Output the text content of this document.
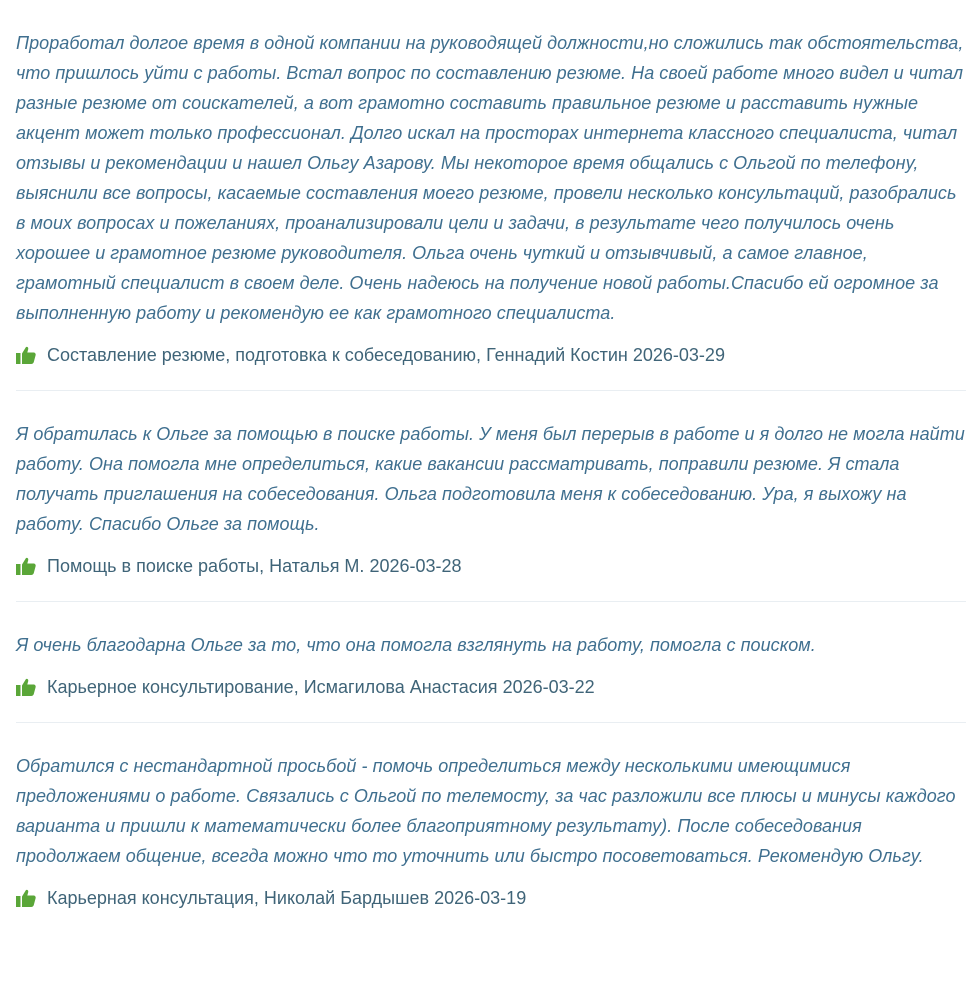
Проработал долгое время в одной компании на руководящей должности,но сложились так обстоятельства, что пришлось уйти с работы. Встал вопрос по составлению резюме. На своей работе много видел и читал разные резюме от соискателей, а вот грамотно составить правильное резюме и расставить нужные акцент может только профессионал. Долго искал на просторах интернета классного специалиста, читал отзывы и рекомендации и нашел Ольгу Азарову. Мы некоторое время общались с Ольгой по телефону, выяснили все вопросы, касаемые составления моего резюме, провели несколько консультаций, разобрались в моих вопросах и пожеланиях, проанализировали цели и задачи, в результате чего получилось очень хорошее и грамотное резюме руководителя. Ольга очень чуткий и отзывчивый, а самое главное, грамотный специалист в своем деле. Очень надеюсь на получение новой работы.Спасибо ей огромное за выполненную работу и рекомендую ее как грамотного специалиста.

Составление резюме, подготовка к собеседованию , Геннадий Костин
2026-03-29

Я обратилась к Ольге за помощью в поиске работы. У меня был перерыв в работе и я долго не могла найти работу. Она помогла мне определиться, какие вакансии рассматривать, поправили резюме. Я стала получать приглашения на собеседования. Ольга подготовила меня к собеседованию. Ура, я выхожу на работу. Спасибо Ольге за помощь.

Помощь в поиске работы , Наталья М.
2026-03-28

Я очень благодарна Ольге за то, что она помогла взглянуть на работу, помогла с поиском.

Карьерное консультирование , Исмагилова Анастасия
2026-03-22

Обратился с нестандартной просьбой - помочь определиться между несколькими имеющимися предложениями о работе. Связались с Ольгой по телемосту, за час разложили все плюсы и минусы каждого варианта и пришли к математически более благоприятному результату). После собеседования продолжаем общение, всегда можно что то уточнить или быстро посоветоваться. Рекомендую Ольгу.

Карьерная консультация , Николай Бардышев
2026-03-19
